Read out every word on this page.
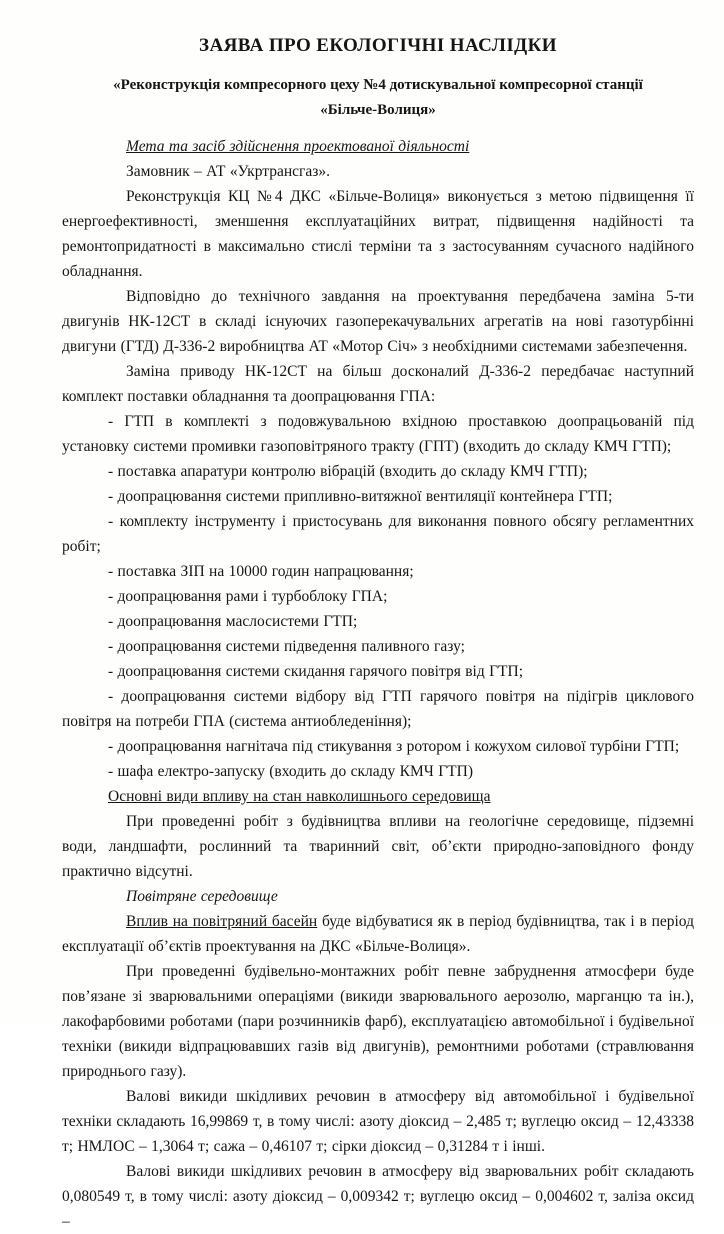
ЗАЯВА ПРО ЕКОЛОГІЧНІ НАСЛІДКИ
«Реконструкція компресорного цеху №4 дотискувальної компресорної станції
«Більче-Волиця»

Мета та засіб здійснення проектованої діяльності

Замовник – АТ «Укртрансгаз».

Реконструкція КЦ №4 ДКС «Більче-Волиця» виконується з метою підвищення її енергоефективності, зменшення експлуатаційних витрат, підвищення надійності та ремонтопридатності в максимально стислі терміни та з застосуванням сучасного надійного обладнання.

Відповідно до технічного завдання на проектування передбачена заміна 5-ти двигунів НК-12СТ в складі існуючих газоперекачувальних агрегатів на нові газотурбінні двигуни (ГТД) Д-336-2 виробництва АТ «Мотор Січ» з необхідними системами забезпечення.

Заміна приводу НК-12СТ на більш досконалий Д-336-2 передбачає наступний комплект поставки обладнання та доопрацювання ГПА:

- ГТП в комплекті з подовжувальною вхідною проставкою доопрацьованій під установку системи промивки газоповітряного тракту (ГПТ) (входить до складу КМЧ ГТП);

- поставка апаратури контролю вібрацій (входить до складу КМЧ ГТП);

- доопрацювання системи припливно-витяжної вентиляції контейнера ГТП;

- комплекту інструменту і пристосувань для виконання повного обсягу регламентних робіт;

- поставка ЗІП на 10000 годин напрацювання;

- доопрацювання рами і турбоблоку ГПА;

- доопрацювання маслосистеми ГТП;

- доопрацювання системи підведення паливного газу;

- доопрацювання системи скидання гарячого повітря від ГТП;

- доопрацювання системи відбору від ГТП гарячого повітря на підігрів циклового повітря на потреби ГПА (система антиобледеніння);

- доопрацювання нагнітача під стикування з ротором і кожухом силової турбіни ГТП;

- шафа електро-запуску (входить до складу КМЧ ГТП)

Основні види впливу на стан навколишнього середовища

При проведенні робіт з будівництва впливи на геологічне середовище, підземні води, ландшафти, рослинний та тваринний світ, об’єкти природно-заповідного фонду практично відсутні.

Повітряне середовище

Вплив на повітряний басейн буде відбуватися як в період будівництва, так і в період експлуатації об’єктів проектування на ДКС «Більче-Волиця».

При проведенні будівельно-монтажних робіт певне забруднення атмосфери буде пов’язане зі зварювальними операціями (викиди зварювального аерозолю, марганцю та ін.), лакофарбовими роботами (пари розчинників фарб), експлуатацією автомобільної і будівельної техніки (викиди відпрацювавших газів від двигунів), ремонтними роботами (стравлювання природнього газу).

Валові викиди шкідливих речовин в атмосферу від автомобільної і будівельної техніки складають 16,99869 т, в тому числі: азоту діоксид – 2,485 т; вуглецю оксид – 12,43338 т; НМЛОС – 1,3064 т; сажа – 0,46107 т; сірки діоксид – 0,31284 т і інші.

Валові викиди шкідливих речовин в атмосферу від зварювальних робіт складають 0,080549 т, в тому числі: азоту діоксид – 0,009342 т; вуглецю оксид – 0,004602 т, заліза оксид –
